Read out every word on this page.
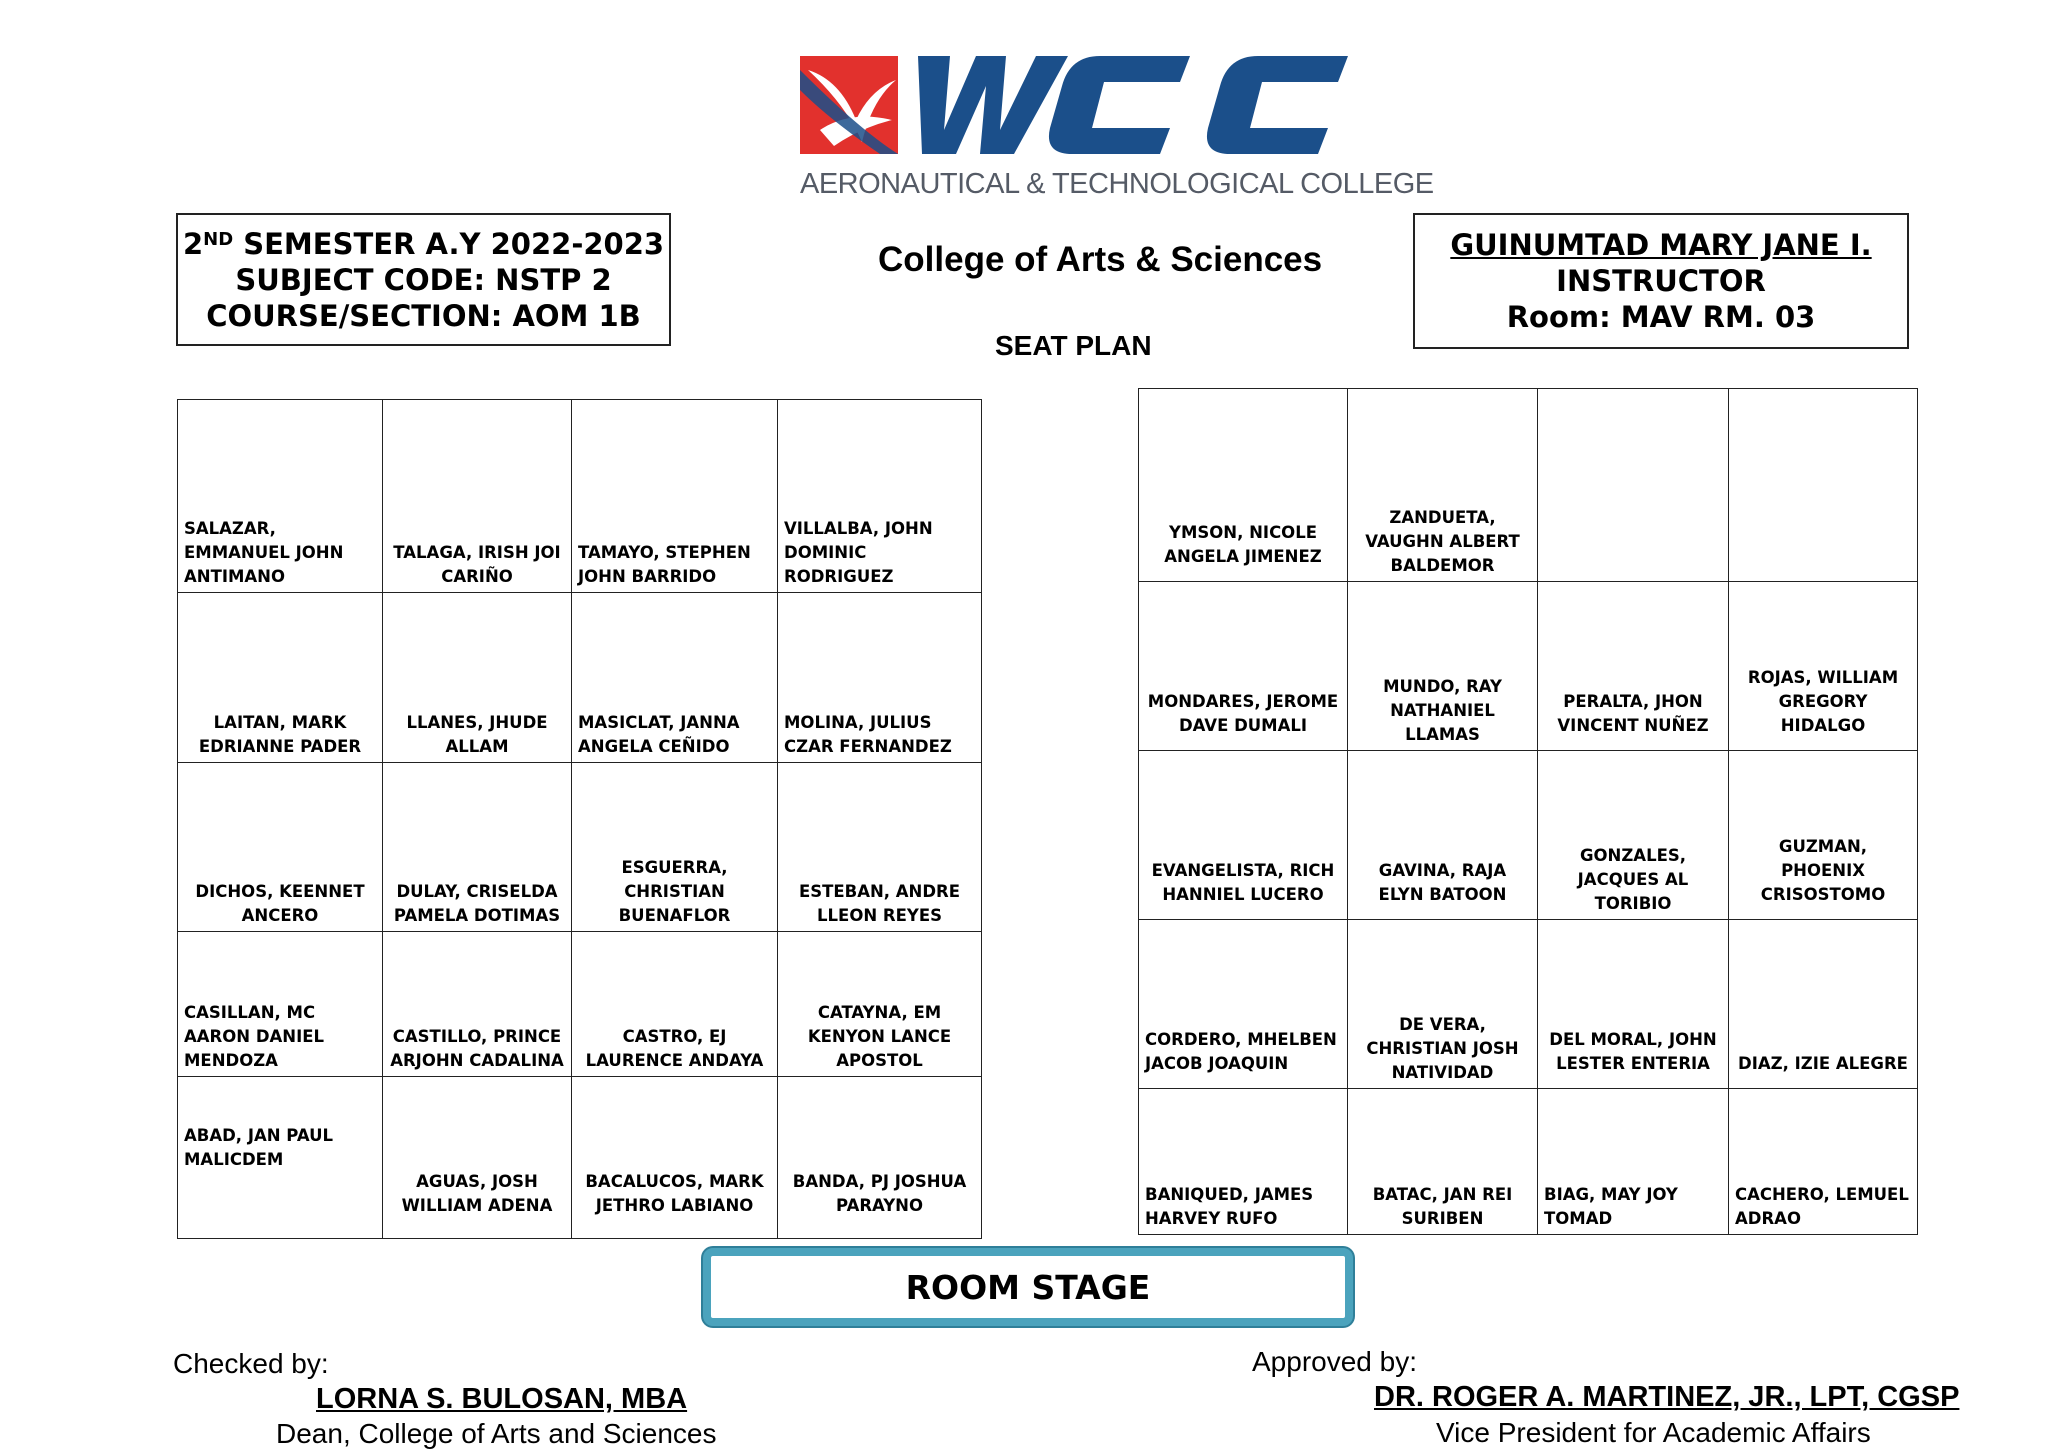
AERONAUTICAL & TECHNOLOGICAL COLLEGE
2ND SEMESTER A.Y 2022-2023
SUBJECT CODE: NSTP 2
COURSE/SECTION: AOM 1B
College of Arts & Sciences
SEAT PLAN
GUINUMTAD MARY JANE I.
INSTRUCTOR
Room: MAV RM. 03
SALAZAR, EMMANUEL JOHN ANTIMANO	TALAGA, IRISH JOI CARIÑO	TAMAYO, STEPHEN JOHN BARRIDO	VILLALBA, JOHN DOMINIC RODRIGUEZ
LAITAN, MARK EDRIANNE PADER	LLANES, JHUDE ALLAM	MASICLAT, JANNA ANGELA CEÑIDO	MOLINA, JULIUS CZAR FERNANDEZ
DICHOS, KEENNET ANCERO	DULAY, CRISELDA PAMELA DOTIMAS	ESGUERRA, CHRISTIAN BUENAFLOR	ESTEBAN, ANDRE LLEON REYES
CASILLAN, MC AARON DANIEL MENDOZA	CASTILLO, PRINCE ARJOHN CADALINA	CASTRO, EJ LAURENCE ANDAYA	CATAYNA, EM KENYON LANCE APOSTOL
ABAD, JAN PAUL MALICDEM	AGUAS, JOSH WILLIAM ADENA	BACALUCOS, MARK JETHRO LABIANO	BANDA, PJ JOSHUA PARAYNO
YMSON, NICOLE ANGELA JIMENEZ	ZANDUETA, VAUGHN ALBERT BALDEMOR		
MONDARES, JEROME DAVE DUMALI	MUNDO, RAY NATHANIEL LLAMAS	PERALTA, JHON VINCENT NUÑEZ	ROJAS, WILLIAM GREGORY HIDALGO
EVANGELISTA, RICH HANNIEL LUCERO	GAVINA, RAJA ELYN BATOON	GONZALES, JACQUES AL TORIBIO	GUZMAN, PHOENIX CRISOSTOMO
CORDERO, MHELBEN JACOB JOAQUIN	DE VERA, CHRISTIAN JOSH NATIVIDAD	DEL MORAL, JOHN LESTER ENTERIA	DIAZ, IZIE ALEGRE
BANIQUED, JAMES HARVEY RUFO	BATAC, JAN REI SURIBEN	BIAG, MAY JOY TOMAD	CACHERO, LEMUEL ADRAO
ROOM STAGE
Checked by:
LORNA S. BULOSAN, MBA
Dean, College of Arts and Sciences
Approved by:
DR. ROGER A. MARTINEZ, JR., LPT, CGSP
Vice President for Academic Affairs
